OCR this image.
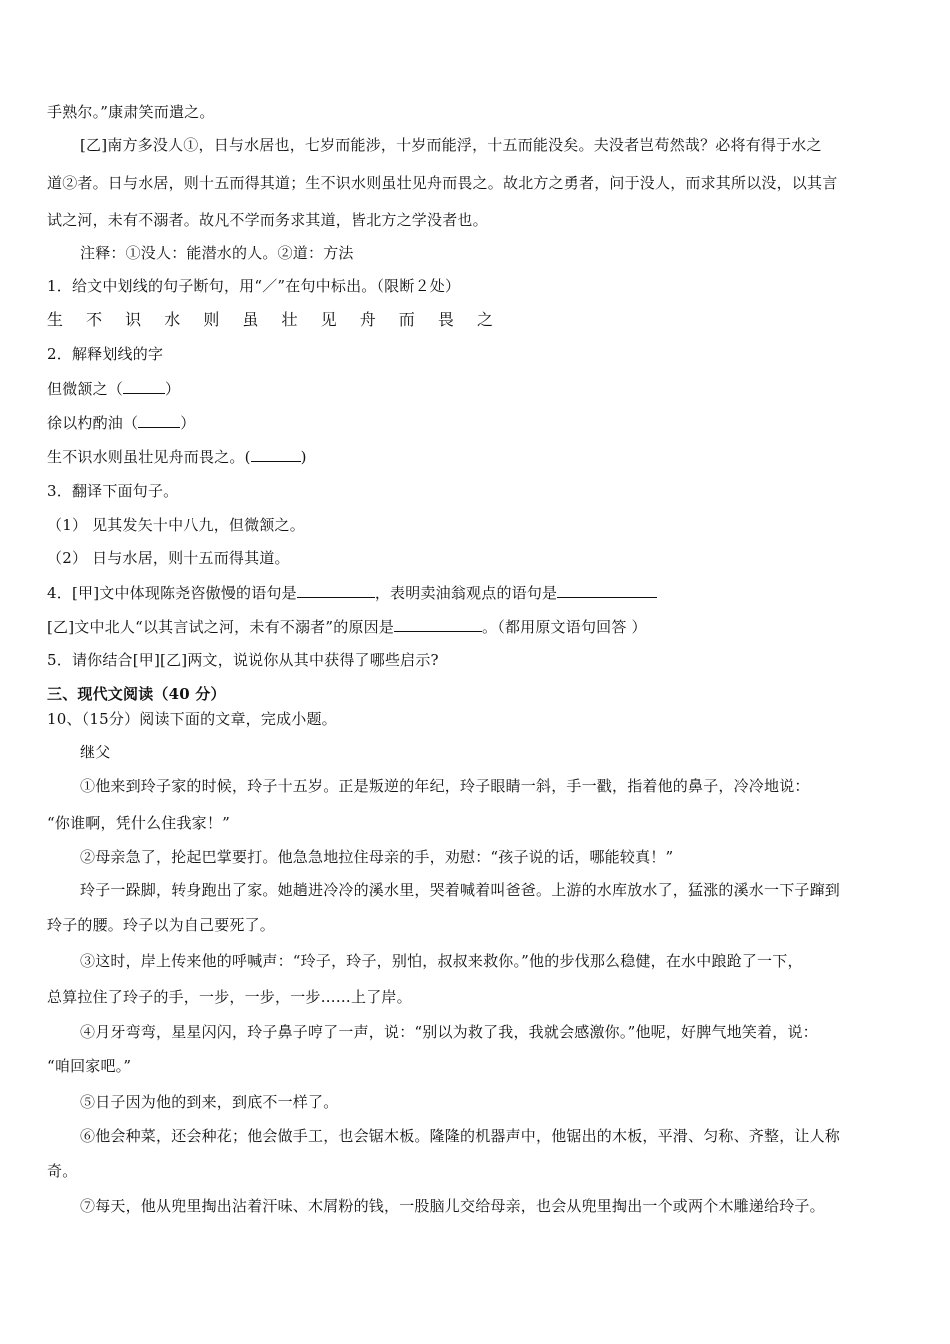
手熟尔。”康肃笑而遣之。
[乙]南方多没人①，日与水居也，七岁而能涉，十岁而能浮，十五而能没矣。夫没者岂苟然哉？必将有得于水之
道②者。日与水居，则十五而得其道；生不识水则虽壮见舟而畏之。故北方之勇者，问于没人，而求其所以没，以其言
试之河，未有不溺者。故凡不学而务求其道，皆北方之学没者也。
注释：①没人：能潜水的人。②道：方法
1．给文中划线的句子断句，用“／”在句中标出。（限断２处）
生 不 识 水 则 虽 壮 见 舟 而 畏 之
2．解释划线的字
但微颔之（	）
徐以杓酌油（	）
生不识水则虽壮见舟而畏之。(	)
3．翻译下面句子。
（1） 见其发矢十中八九，但微颔之。
（2） 日与水居，则十五而得其道。
4．[甲]文中体现陈尧咨傲慢的语句是	，表明卖油翁观点的语句是
[乙]文中北人“以其言试之河，未有不溺者”的原因是	。（都用原文语句回答 ）
5．请你结合[甲][乙]两文，说说你从其中获得了哪些启示?
三、现代文阅读（40 分）
10、（15分）阅读下面的文章，完成小题。
继父
①他来到玲子家的时候，玲子十五岁。正是叛逆的年纪，玲子眼睛一斜，手一戳，指着他的鼻子，冷冷地说：
“你谁啊，凭什么住我家！”
②母亲急了，抡起巴掌要打。他急急地拉住母亲的手，劝慰：“孩子说的话，哪能较真！”
玲子一跺脚，转身跑出了家。她趟进冷冷的溪水里，哭着喊着叫爸爸。上游的水库放水了，猛涨的溪水一下子蹿到
玲子的腰。玲子以为自己要死了。
③这时，岸上传来他的呼喊声：“玲子，玲子，别怕，叔叔来救你。”他的步伐那么稳健，在水中踉跄了一下，
总算拉住了玲子的手，一步，一步，一步……上了岸。
④月牙弯弯，星星闪闪，玲子鼻子哼了一声，说：“别以为救了我，我就会感激你。”他呢，好脾气地笑着，说：
“咱回家吧。”
⑤日子因为他的到来，到底不一样了。
⑥他会种菜，还会种花；他会做手工，也会锯木板。隆隆的机器声中，他锯出的木板，平滑、匀称、齐整，让人称
奇。
⑦每天，他从兜里掏出沾着汗味、木屑粉的钱，一股脑儿交给母亲，也会从兜里掏出一个或两个木雕递给玲子。
